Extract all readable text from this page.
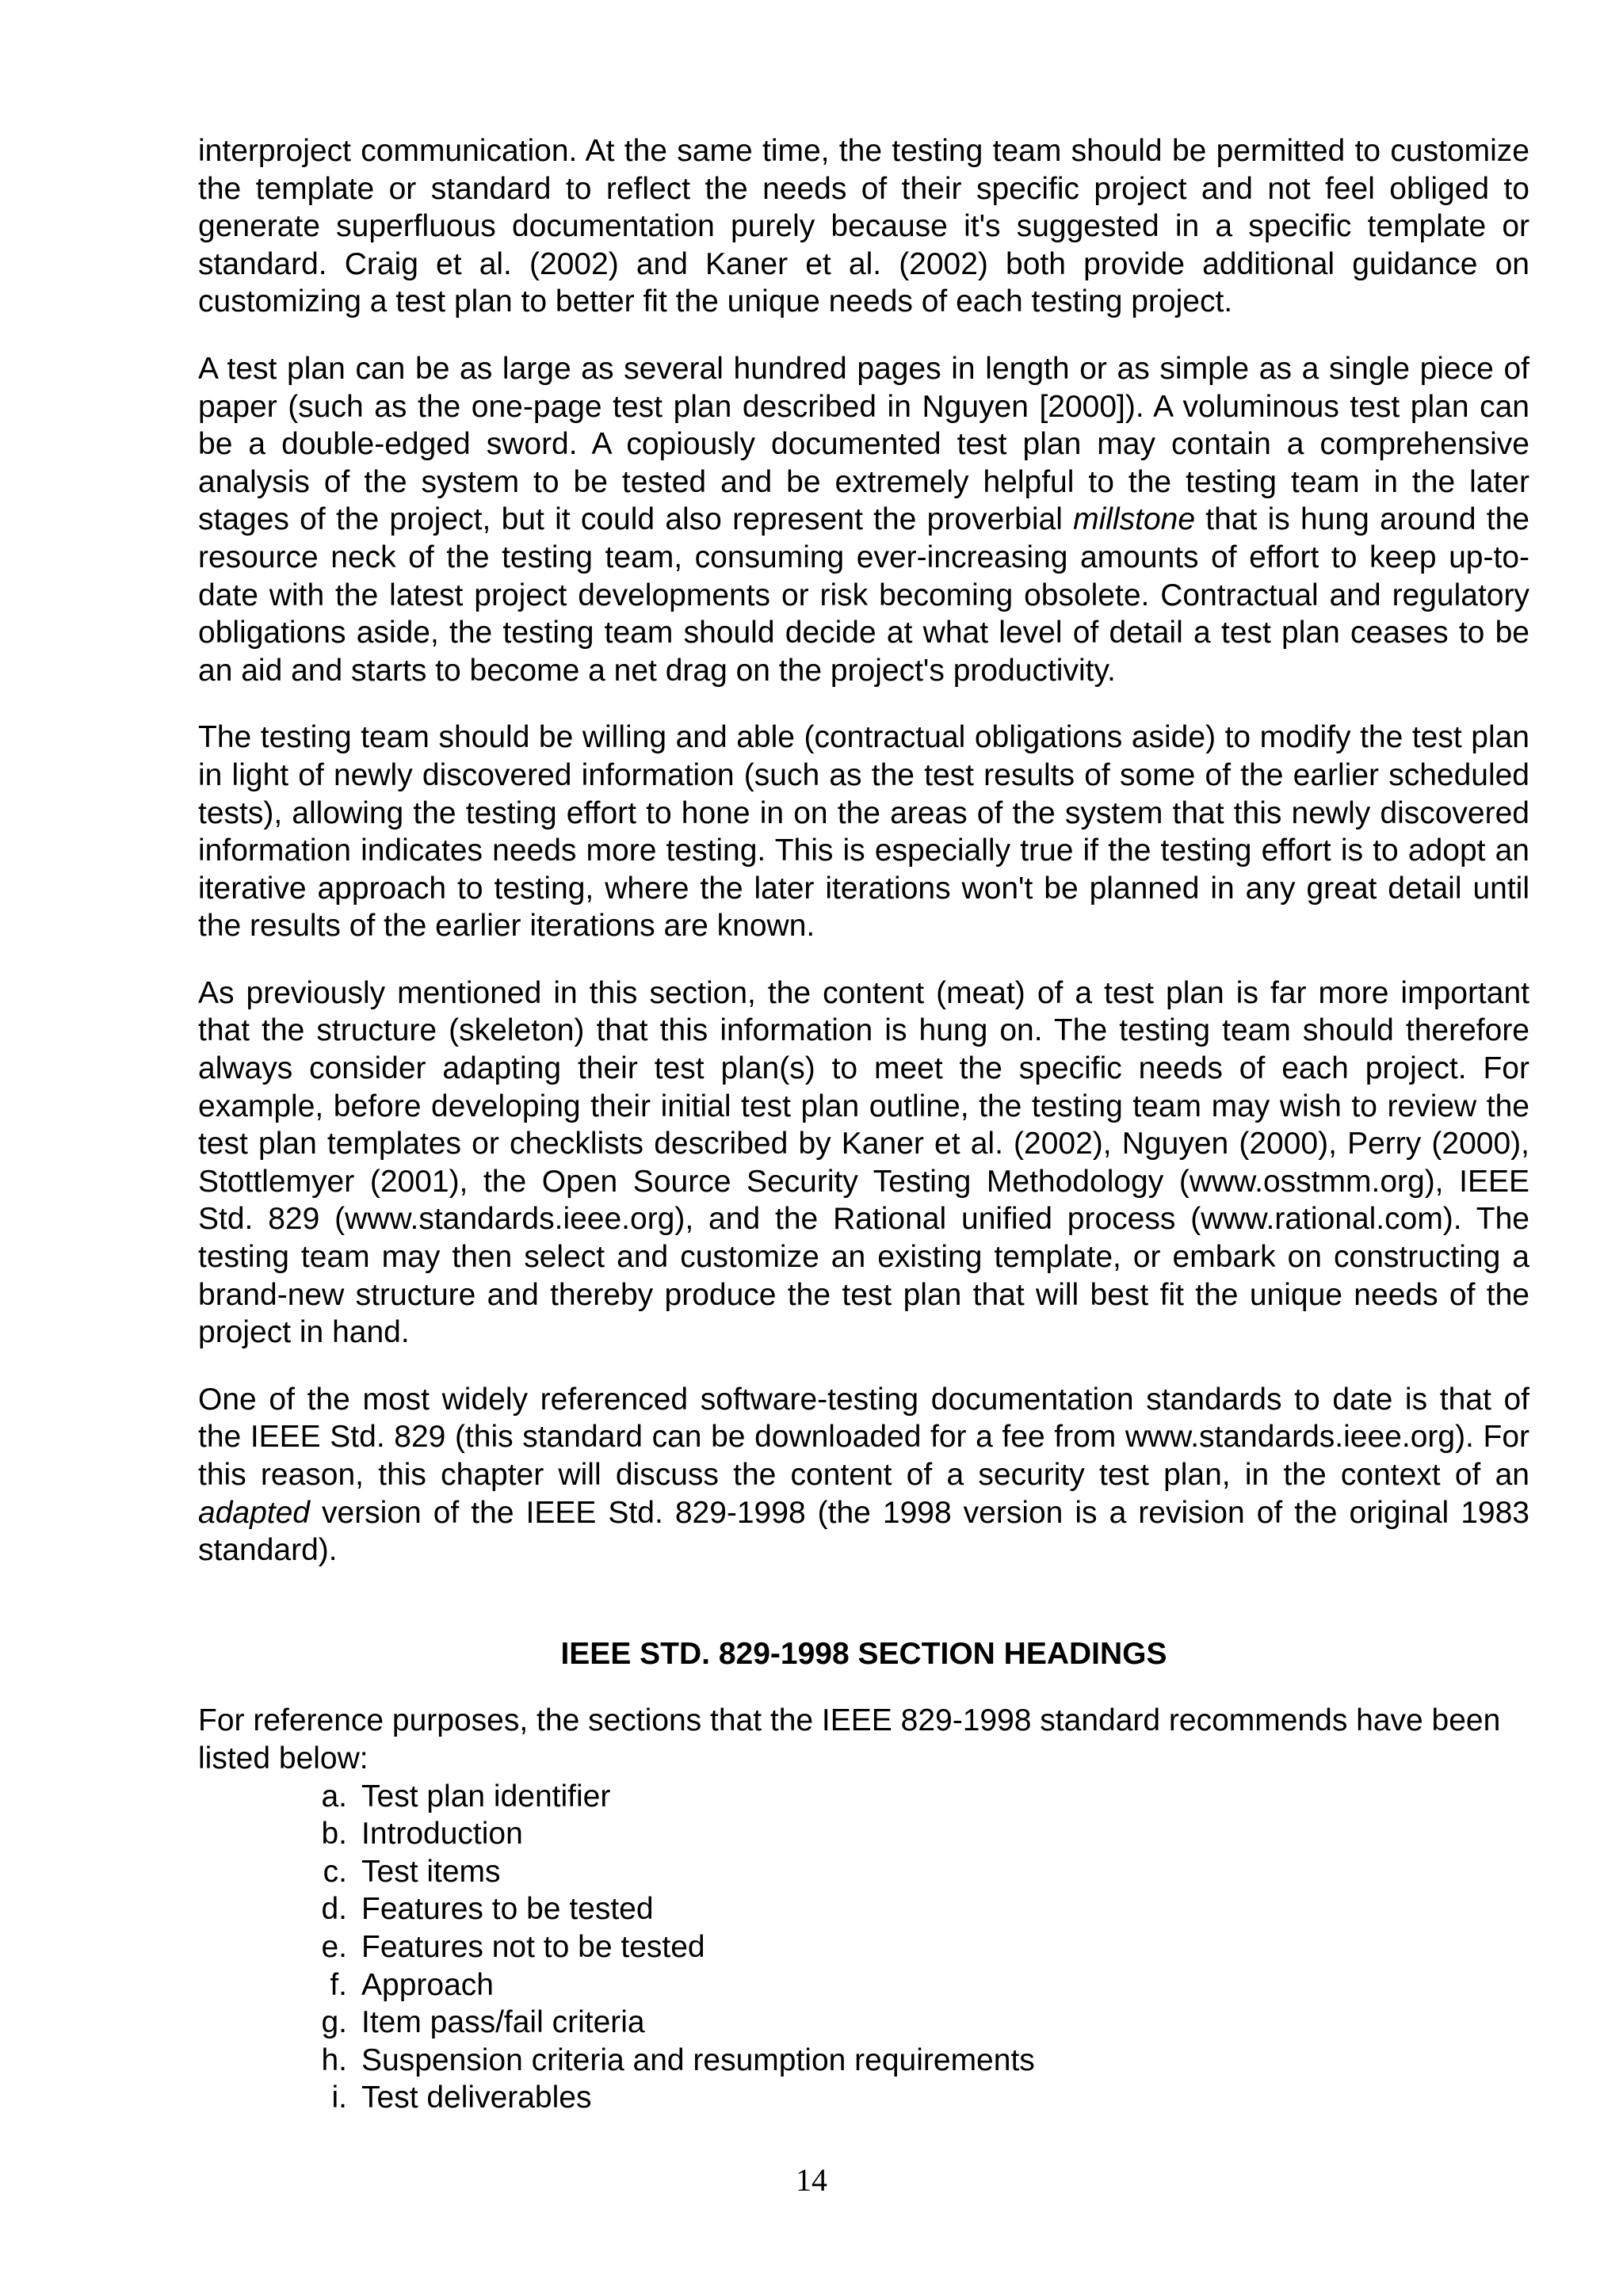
interproject communication. At the same time, the testing team should be permitted to customize the template or standard to reflect the needs of their specific project and not feel obliged to generate superfluous documentation purely because it's suggested in a specific template or standard. Craig et al. (2002) and Kaner et al. (2002) both provide additional guidance on customizing a test plan to better fit the unique needs of each testing project.

A test plan can be as large as several hundred pages in length or as simple as a single piece of paper (such as the one-page test plan described in Nguyen [2000]). A voluminous test plan can be a double-edged sword. A copiously documented test plan may contain a comprehensive analysis of the system to be tested and be extremely helpful to the testing team in the later stages of the project, but it could also represent the proverbial millstone that is hung around the resource neck of the testing team, consuming ever-increasing amounts of effort to keep up-to-date with the latest project developments or risk becoming obsolete. Contractual and regulatory obligations aside, the testing team should decide at what level of detail a test plan ceases to be an aid and starts to become a net drag on the project's productivity.

The testing team should be willing and able (contractual obligations aside) to modify the test plan in light of newly discovered information (such as the test results of some of the earlier scheduled tests), allowing the testing effort to hone in on the areas of the system that this newly discovered information indicates needs more testing. This is especially true if the testing effort is to adopt an iterative approach to testing, where the later iterations won't be planned in any great detail until the results of the earlier iterations are known.

As previously mentioned in this section, the content (meat) of a test plan is far more important that the structure (skeleton) that this information is hung on. The testing team should therefore always consider adapting their test plan(s) to meet the specific needs of each project. For example, before developing their initial test plan outline, the testing team may wish to review the test plan templates or checklists described by Kaner et al. (2002), Nguyen (2000), Perry (2000), Stottlemyer (2001), the Open Source Security Testing Methodology (www.osstmm.org), IEEE Std. 829 (www.standards.ieee.org), and the Rational unified process (www.rational.com). The testing team may then select and customize an existing template, or embark on constructing a brand-new structure and thereby produce the test plan that will best fit the unique needs of the project in hand.

One of the most widely referenced software-testing documentation standards to date is that of the IEEE Std. 829 (this standard can be downloaded for a fee from www.standards.ieee.org). For this reason, this chapter will discuss the content of a security test plan, in the context of an adapted version of the IEEE Std. 829-1998 (the 1998 version is a revision of the original 1983 standard).

IEEE STD. 829-1998 SECTION HEADINGS

For reference purposes, the sections that the IEEE 829-1998 standard recommends have been listed below:

a. Test plan identifier
b. Introduction
c. Test items
d. Features to be tested
e. Features not to be tested
f. Approach
g. Item pass/fail criteria
h. Suspension criteria and resumption requirements
i. Test deliverables
14
